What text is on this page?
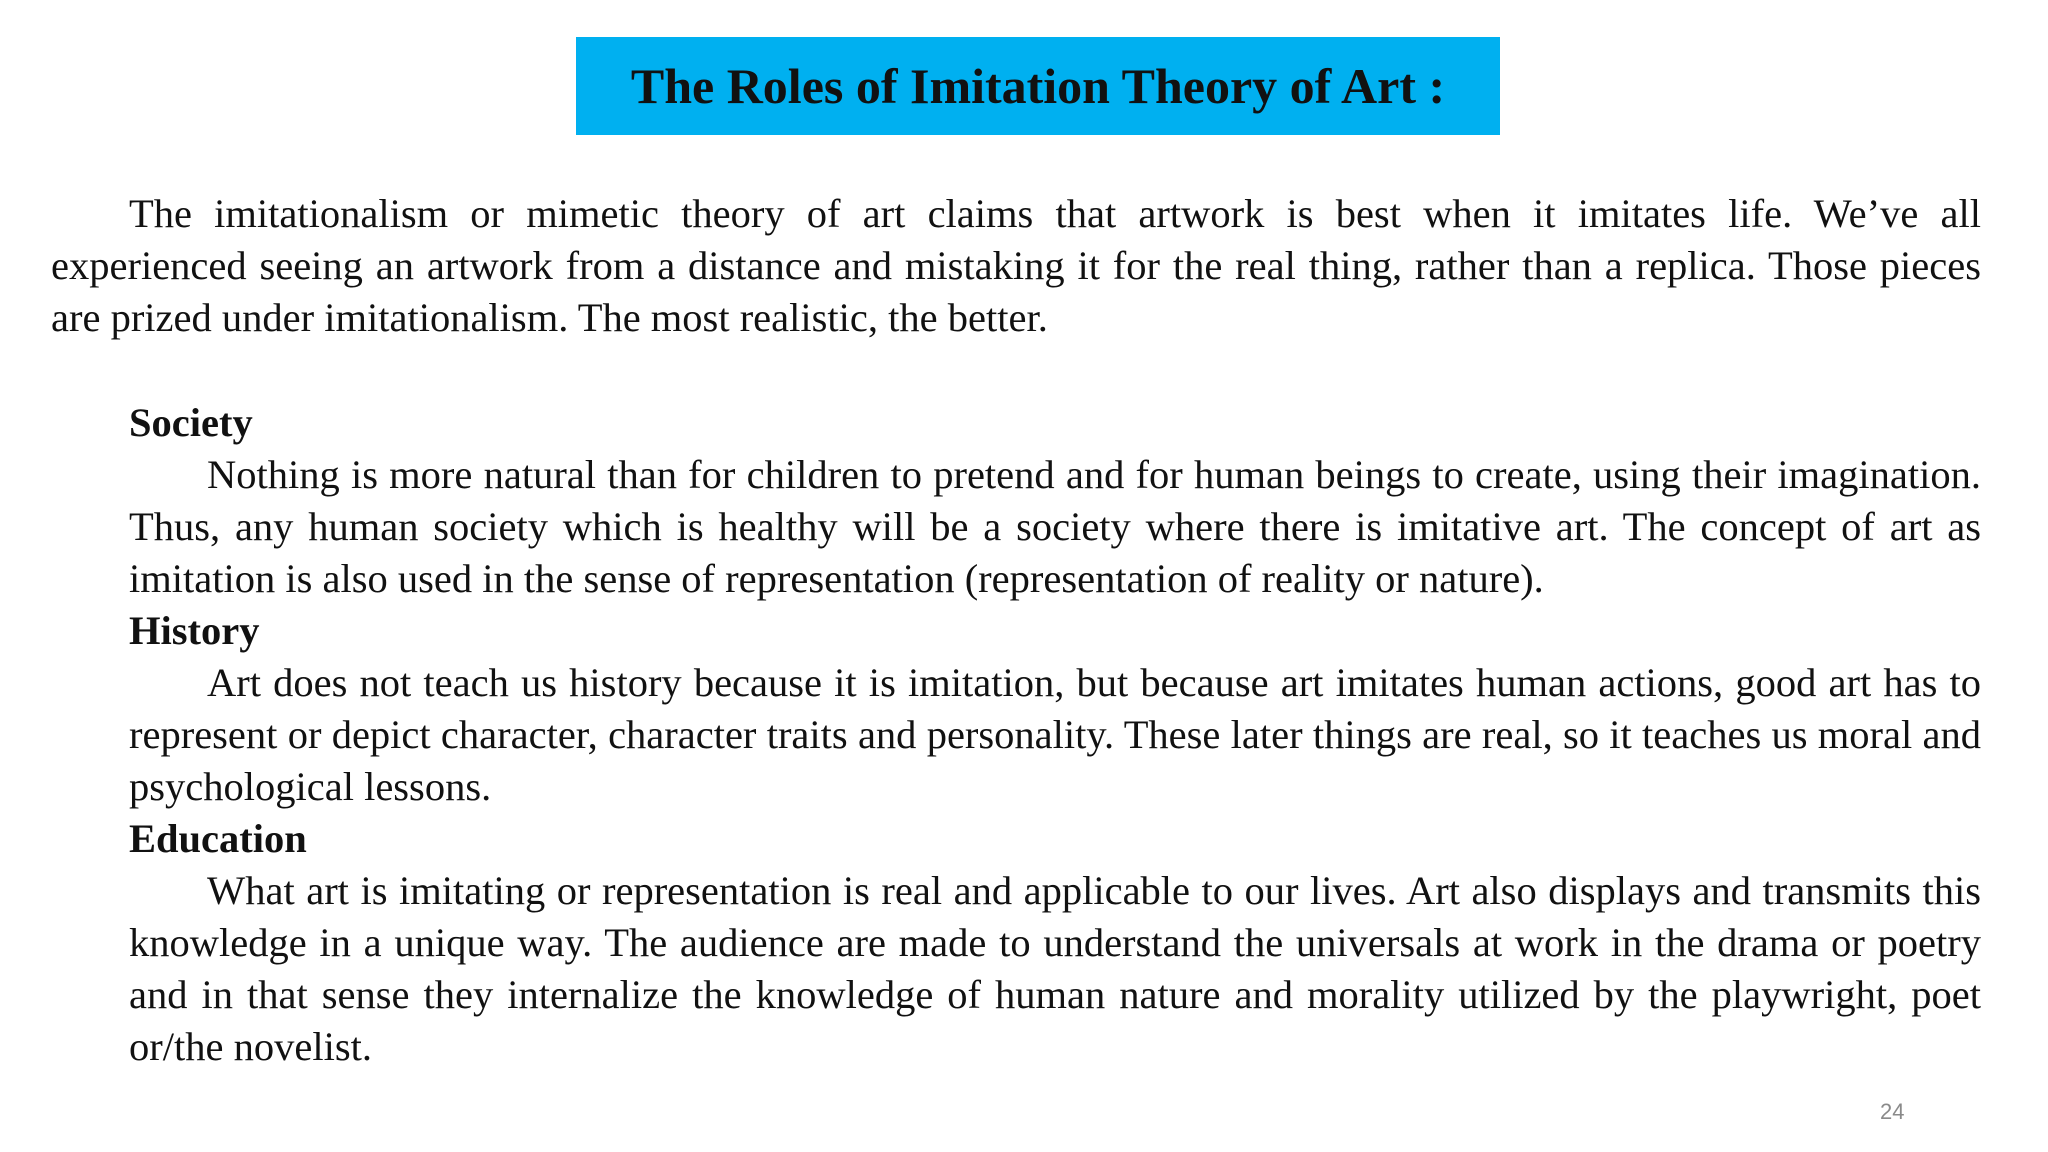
The Roles of Imitation Theory of Art :

The imitationalism or mimetic theory of art claims that artwork is best when it imitates life. We’ve all experienced seeing an artwork from a distance and mistaking it for the real thing, rather than a replica. Those pieces are prized under imitationalism. The most realistic, the better.

Society

Nothing is more natural than for children to pretend and for human beings to create, using their imagination. Thus, any human society which is healthy will be a society where there is imitative art. The concept of art as imitation is also used in the sense of representation (representation of reality or nature).

History

Art does not teach us history because it is imitation, but because art imitates human actions, good art has to represent or depict character, character traits and personality. These later things are real, so it teaches us moral and psychological lessons.

Education

What art is imitating or representation is real and applicable to our lives. Art also displays and transmits this knowledge in a unique way. The audience are made to understand the universals at work in the drama or poetry and in that sense they internalize the knowledge of human nature and morality utilized by the playwright, poet or/the novelist.

24
